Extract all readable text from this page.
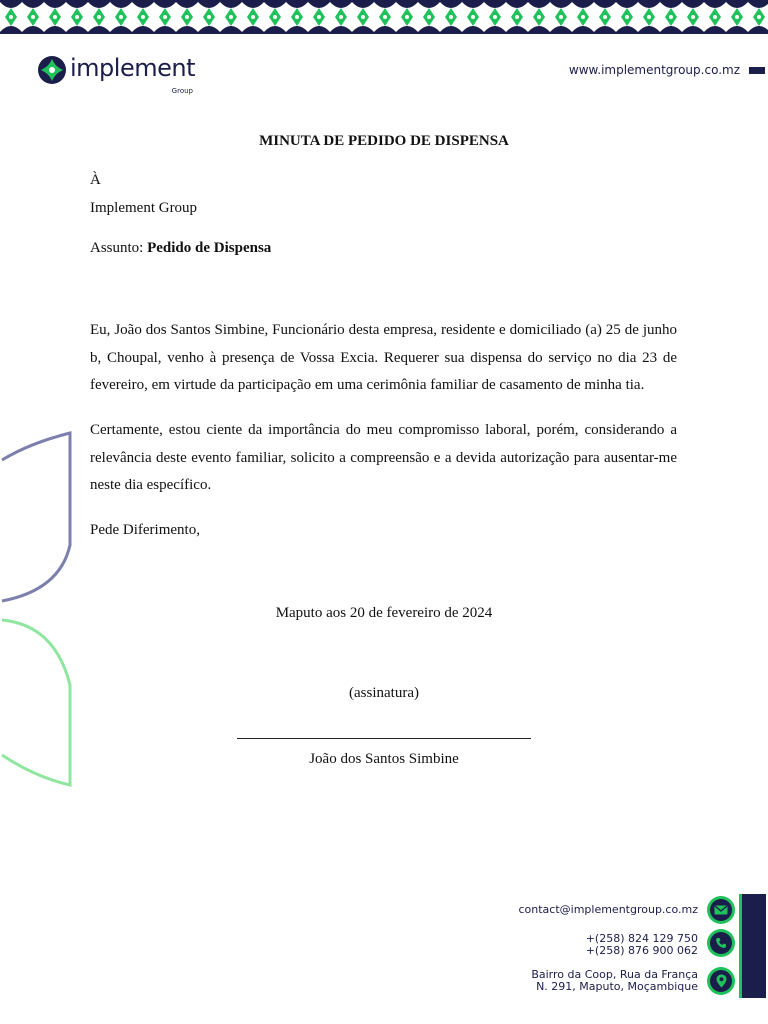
implement
Group
www.implementgroup.co.mz
MINUTA DE PEDIDO DE DISPENSA
À
Implement Group
Assunto: Pedido de Dispensa

Eu, João dos Santos Simbine, Funcionário desta empresa, residente e domiciliado (a) 25 de junho b, Choupal, venho à presença de Vossa Excia. Requerer sua dispensa do serviço no dia 23 de fevereiro, em virtude da participação em uma cerimônia familiar de casamento de minha tia.

Certamente, estou ciente da importância do meu compromisso laboral, porém, considerando a relevância deste evento familiar, solicito a compreensão e a devida autorização para ausentar-me neste dia específico.

Pede Diferimento,
Maputo aos 20 de fevereiro de 2024
(assinatura)
João dos Santos Simbine
contact@implementgroup.co.mz
+(258) 824 129 750
+(258) 876 900 062
Bairro da Coop, Rua da França
N. 291, Maputo, Moçambique
